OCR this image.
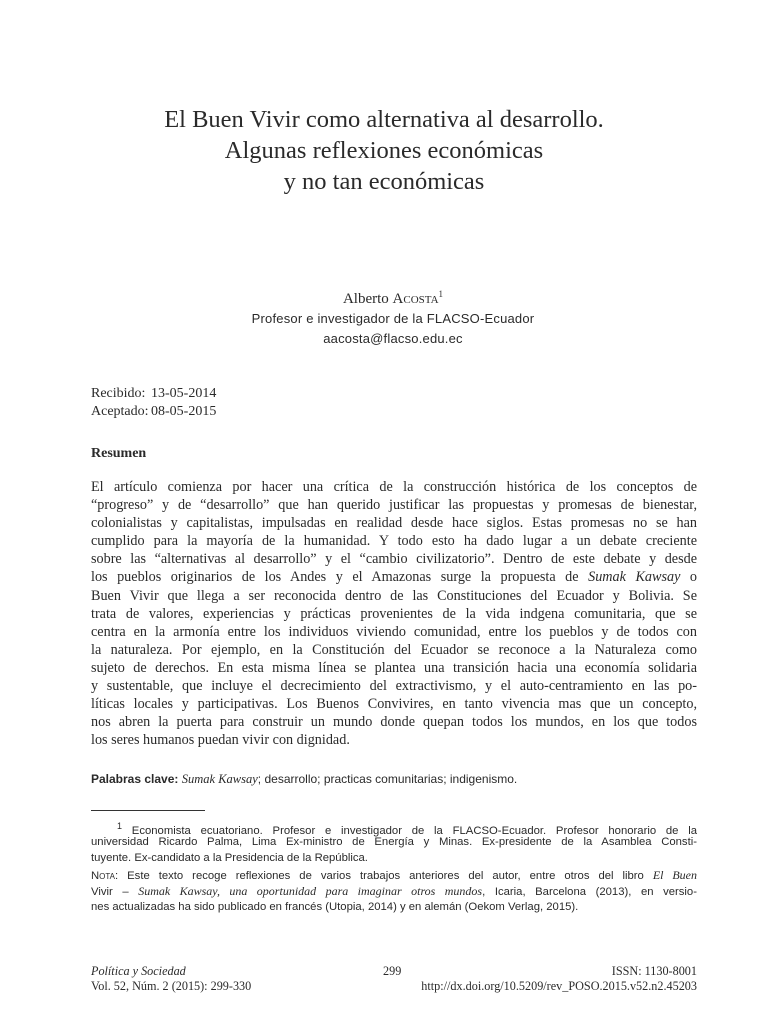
El Buen Vivir como alternativa al desarrollo.
Algunas reflexiones económicas
y no tan económicas
Alberto Acosta$^1$
Profesor e investigador de la FLACSO-Ecuador
aacosta@flacso.edu.ec
Recibido: 13-05-2014
Aceptado: 08-05-2015
Resumen
El artículo comienza por hacer una crítica de la construcción histórica de los conceptos de
“progreso” y de “desarrollo” que han querido justificar las propuestas y promesas de bienestar,
colonialistas y capitalistas, impulsadas en realidad desde hace siglos. Estas promesas no se han
cumplido para la mayoría de la humanidad. Y todo esto ha dado lugar a un debate creciente
sobre las “alternativas al desarrollo” y el “cambio civilizatorio”. Dentro de este debate y desde
los pueblos originarios de los Andes y el Amazonas surge la propuesta de Sumak Kawsay o
Buen Vivir que llega a ser reconocida dentro de las Constituciones del Ecuador y Bolivia. Se
trata de valores, experiencias y prácticas provenientes de la vida indgena comunitaria, que se
centra en la armonía entre los individuos viviendo comunidad, entre los pueblos y de todos con
la naturaleza. Por ejemplo, en la Constitución del Ecuador se reconoce a la Naturaleza como
sujeto de derechos. En esta misma línea se plantea una transición hacia una economía solidaria
y sustentable, que incluye el decrecimiento del extractivismo, y el auto-centramiento en las po-
líticas locales y participativas. Los Buenos Convivires, en tanto vivencia mas que un concepto,
nos abren la puerta para construir un mundo donde quepan todos los mundos, en los que todos
los seres humanos puedan vivir con dignidad.
Palabras clave: Sumak Kawsay; desarrollo; practicas comunitarias; indigenismo.
$^1$ Economista ecuatoriano. Profesor e investigador de la FLACSO-Ecuador. Profesor honorario de la
universidad Ricardo Palma, Lima Ex-ministro de Energía y Minas. Ex-presidente de la Asamblea Consti-
tuyente. Ex-candidato a la Presidencia de la República.
Nota: Este texto recoge reflexiones de varios trabajos anteriores del autor, entre otros del libro El Buen
Vivir – Sumak Kawsay, una oportunidad para imaginar otros mundos, Icaria, Barcelona (2013), en versio-
nes actualizadas ha sido publicado en francés (Utopia, 2014) y en alemán (Oekom Verlag, 2015).
Política y Sociedad
Vol. 52, Núm. 2 (2015): 299-330
299	ISSN: 1130-8001
http://dx.doi.org/10.5209/rev_POSO.2015.v52.n2.45203
